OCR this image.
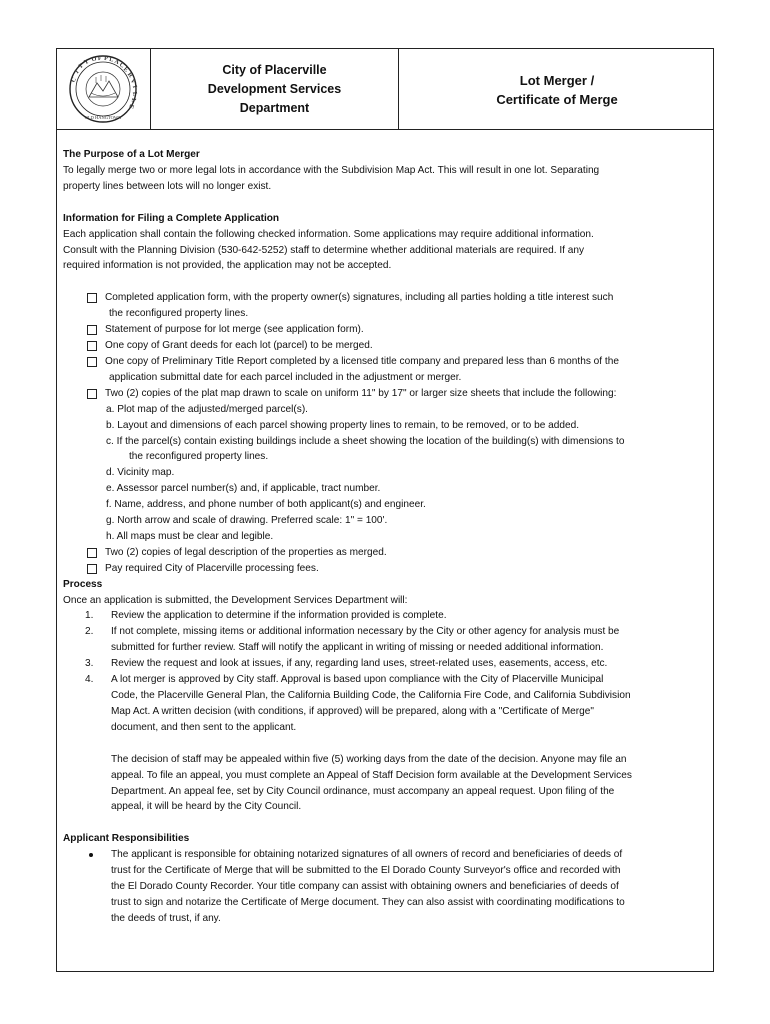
C
I
T
Y O F P L A
C
E
R
V
I
L
L
E
OLD HANGTOWN
City of Placerville
Development Services
Department
Lot Merger /
Certificate of Merge

The Purpose of a Lot Merger

To legally merge two or more legal lots in accordance with the Subdivision Map Act. This will result in one lot. Separating

property lines between lots will no longer exist.

Information for Filing a Complete Application

Each application shall contain the following checked information. Some applications may require additional information.

Consult with the Planning Division (530-642-5252) staff to determine whether additional materials are required. If any

required information is not provided, the application may not be accepted.

Completed application form, with the property owner(s) signatures, including all parties holding a title interest such
the reconfigured property lines.
Statement of purpose for lot merge (see application form).
One copy of Grant deeds for each lot (parcel) to be merged.
One copy of Preliminary Title Report completed by a licensed title company and prepared less than 6 months of the
application submittal date for each parcel included in the adjustment or merger.
Two (2) copies of the plat map drawn to scale on uniform 11" by 17" or larger size sheets that include the following:

a. Plot map of the adjusted/merged parcel(s).

b. Layout and dimensions of each parcel showing property lines to remain, to be removed, or to be added.

c. If the parcel(s) contain existing buildings include a sheet showing the location of the building(s) with dimensions to

the reconfigured property lines.

d. Vicinity map.

e. Assessor parcel number(s) and, if applicable, tract number.

f. Name, address, and phone number of both applicant(s) and engineer.

g. North arrow and scale of drawing. Preferred scale: 1" = 100'.

h. All maps must be clear and legible.

Two (2) copies of legal description of the properties as merged.
Pay required City of Placerville processing fees.

Process

Once an application is submitted, the Development Services Department will:

1. Review the application to determine if the information provided is complete.
2. If not complete, missing items or additional information necessary by the City or other agency for analysis must be
submitted for further review. Staff will notify the applicant in writing of missing or needed additional information.
3. Review the request and look at issues, if any, regarding land uses, street-related uses, easements, access, etc.
4. A lot merger is approved by City staff. Approval is based upon compliance with the City of Placerville Municipal
Code, the Placerville General Plan, the California Building Code, the California Fire Code, and California Subdivision
Map Act. A written decision (with conditions, if approved) will be prepared, along with a "Certificate of Merge"
document, and then sent to the applicant.

The decision of staff may be appealed within five (5) working days from the date of the decision. Anyone may file an

appeal. To file an appeal, you must complete an Appeal of Staff Decision form available at the Development Services

Department. An appeal fee, set by City Council ordinance, must accompany an appeal request. Upon filing of the

appeal, it will be heard by the City Council.

Applicant Responsibilities

The applicant is responsible for obtaining notarized signatures of all owners of record and beneficiaries of deeds of
trust for the Certificate of Merge that will be submitted to the El Dorado County Surveyor's office and recorded with
the El Dorado County Recorder. Your title company can assist with obtaining owners and beneficiaries of deeds of
trust to sign and notarize the Certificate of Merge document. They can also assist with coordinating modifications to
the deeds of trust, if any.
